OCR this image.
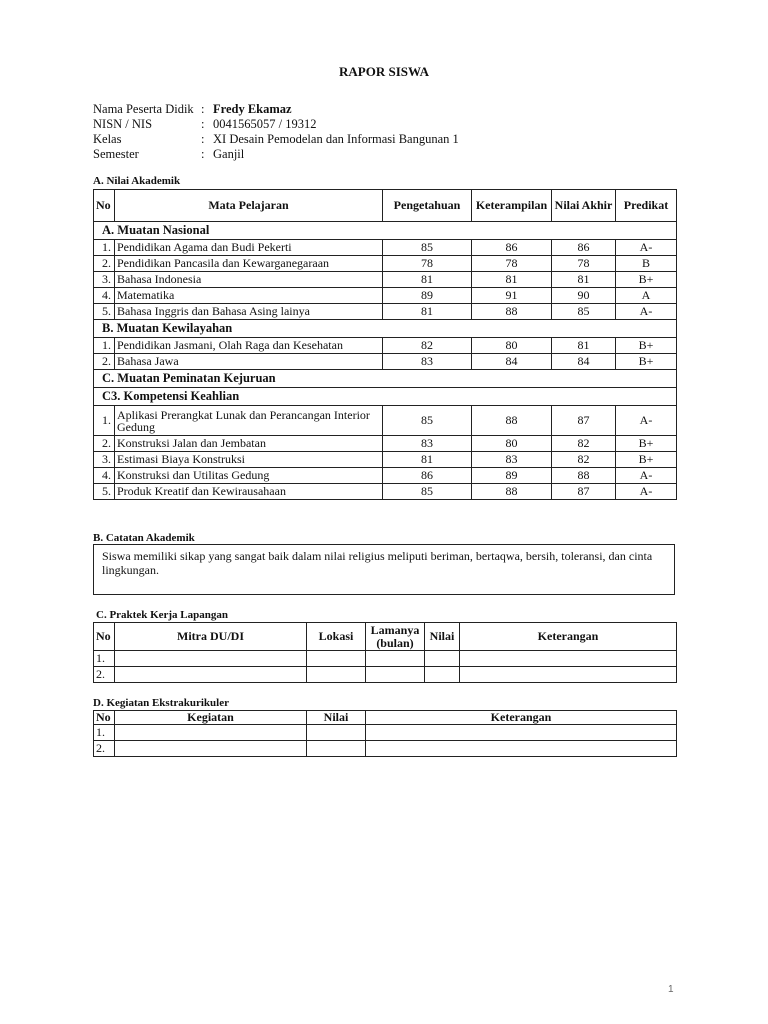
RAPOR SISWA
Nama Peserta Didik	:	Fredy Ekamaz
NISN / NIS	:	0041565057 / 19312
Kelas	:	XI Desain Pemodelan dan Informasi Bangunan 1
Semester	:	Ganjil
A. Nilai Akademik
No	Mata Pelajaran	Pengetahuan	Keterampilan	Nilai Akhir	Predikat
A. Muatan Nasional					
1.	Pendidikan Agama dan Budi Pekerti	85	86	86	A-
2.	Pendidikan Pancasila dan Kewarganegaraan	78	78	78	B
3.	Bahasa Indonesia	81	81	81	B+
4.	Matematika	89	91	90	A
5.	Bahasa Inggris dan Bahasa Asing lainya	81	88	85	A-
B. Muatan Kewilayahan					
1.	Pendidikan Jasmani, Olah Raga dan Kesehatan	82	80	81	B+
2.	Bahasa Jawa	83	84	84	B+
C. Muatan Peminatan Kejuruan					
C3. Kompetensi Keahlian					
1.	Aplikasi Prerangkat Lunak dan Perancangan Interior Gedung	85	88	87	A-
2.	Konstruksi Jalan dan Jembatan	83	80	82	B+
3.	Estimasi Biaya Konstruksi	81	83	82	B+
4.	Konstruksi dan Utilitas Gedung	86	89	88	A-
5.	Produk Kreatif dan Kewirausahaan	85	88	87	A-
B. Catatan Akademik
Siswa memiliki sikap yang sangat baik dalam nilai religius meliputi beriman, bertaqwa, bersih, toleransi, dan cinta lingkungan.
C. Praktek Kerja Lapangan
No	Mitra DU/DI	Lokasi	Lamanya (bulan)	Nilai	Keterangan
1.					
2.					
D. Kegiatan Ekstrakurikuler
No	Kegiatan	Nilai	Keterangan
1.			
2.			
1
